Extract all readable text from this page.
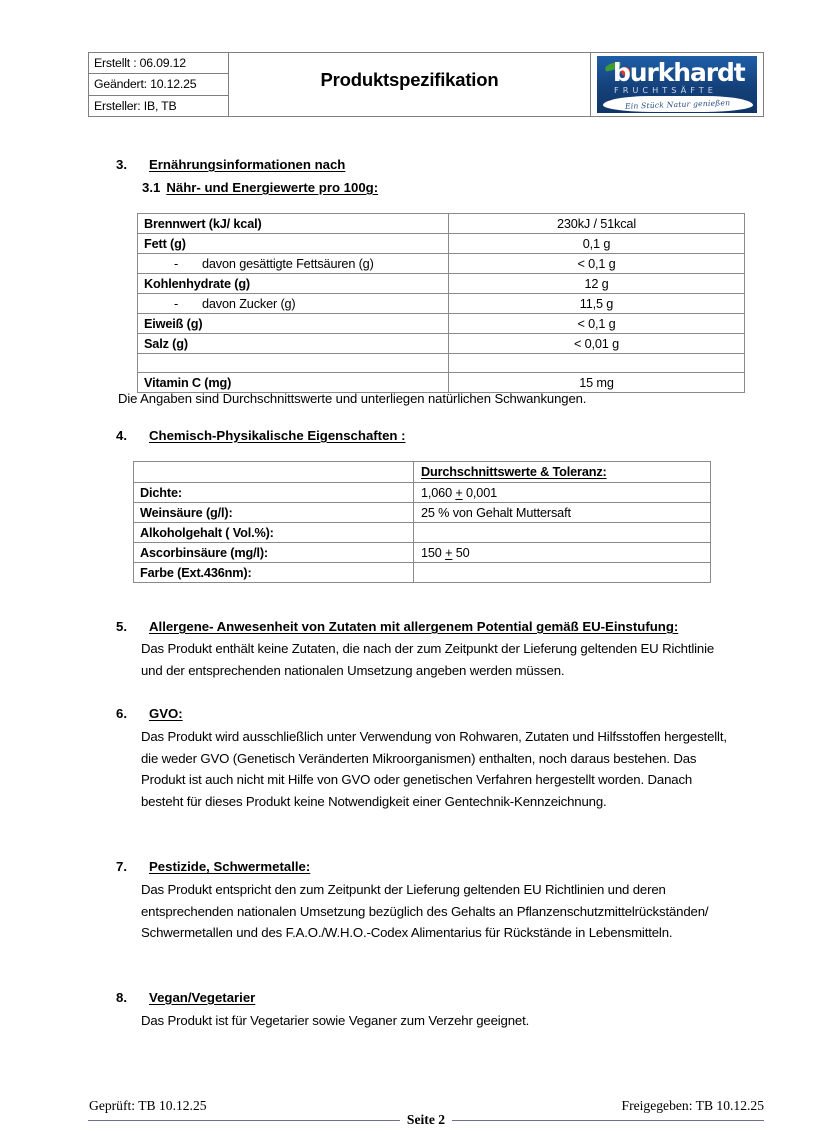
Erstellt : 06.09.12
Geändert: 10.12.25
Ersteller: IB, TB
Produktspezifikation	burkhardt
FRUCHTSÄFTE
Ein Stück Natur genießen
3.	Ernährungsinformationen nach
3.1 Nähr- und Energiewerte pro 100g:
Brennwert (kJ/ kcal)	230kJ / 51kcal
Fett (g)	0,1 g

- davon gesättigte Fettsäuren (g)	< 0,1 g
Kohlenhydrate (g)	12 g

- davon Zucker (g)	11,5 g
Eiweiß (g)	< 0,1 g
Salz (g)	< 0,01 g

Vitamin C (mg)	15 mg
Die Angaben sind Durchschnittswerte und unterliegen natürlichen Schwankungen.
4.	Chemisch-Physikalische Eigenschaften :
	Durchschnittswerte & Toleranz:
Dichte:	1,060 + 0,001
Weinsäure (g/l):	25 % von Gehalt Muttersaft
Alkoholgehalt ( Vol.%):	
Ascorbinsäure (mg/l):	150 + 50
Farbe (Ext.436nm):	
5.	Allergene- Anwesenheit von Zutaten mit allergenem Potential gemäß EU-Einstufung:
Das Produkt enthält keine Zutaten, die nach der zum Zeitpunkt der Lieferung geltenden EU Richtlinie und der entsprechenden nationalen Umsetzung angeben werden müssen.
6.	GVO:
Das Produkt wird ausschließlich unter Verwendung von Rohwaren, Zutaten und Hilfsstoffen hergestellt, die weder GVO (Genetisch Veränderten Mikroorganismen) enthalten, noch daraus bestehen. Das Produkt ist auch nicht mit Hilfe von GVO oder genetischen Verfahren hergestellt worden. Danach besteht für dieses Produkt keine Notwendigkeit einer Gentechnik-Kennzeichnung.
7.	Pestizide, Schwermetalle:
Das Produkt entspricht den zum Zeitpunkt der Lieferung geltenden EU Richtlinien und deren entsprechenden nationalen Umsetzung bezüglich des Gehalts an Pflanzenschutzmittelrückständen/ Schwermetallen und des F.A.O./W.H.O.-Codex Alimentarius für Rückstände in Lebensmitteln.
8.	Vegan/Vegetarier
Das Produkt ist für Vegetarier sowie Veganer zum Verzehr geeignet.
Geprüft: TB 10.12.25
Seite 2
Freigegeben: TB 10.12.25
